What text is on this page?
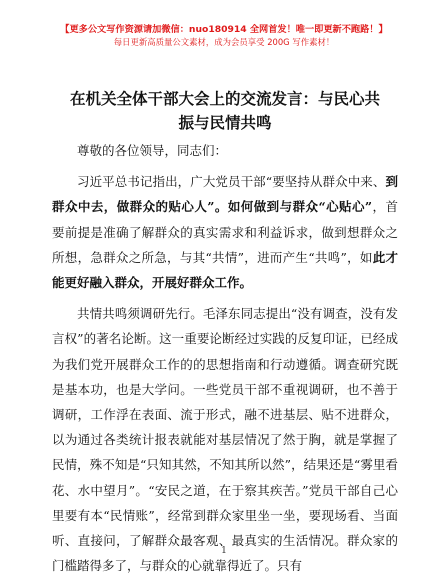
【更多公文写作资源请加微信：nuo180914 全网首发！唯一即更新不跑路！】
每日更新高质量公文素材，成为会员享受 200G 写作素材！
在机关全体干部大会上的交流发言：与民心共
振与民情共鸣

尊敬的各位领导，同志们：

习近平总书记指出，广大党员干部“要坚持从群众中来、到群众中去，做群众的贴心人”。如何做到与群众“心贴心”，首要前提是准确了解群众的真实需求和利益诉求，做到想群众之所想，急群众之所急，与其“共情”，进而产生“共鸣”，如此才能更好融入群众，开展好群众工作。

共情共鸣须调研先行。毛泽东同志提出“没有调查，没有发言权”的著名论断。这一重要论断经过实践的反复印证，已经成为我们党开展群众工作的的思想指南和行动遵循。调查研究既是基本功，也是大学问。一些党员干部不重视调研，也不善于调研，工作浮在表面、流于形式，融不进基层、贴不进群众，以为通过各类统计报表就能对基层情况了然于胸，就是掌握了民情，殊不知是“只知其然，不知其所以然”，结果还是“雾里看花、水中望月”。“安民之道，在于察其疾苦。”党员干部自己心里要有本“民情账”，经常到群众家里坐一坐，要现场看、当面听、直接问，了解群众最客观、最真实的生活情况。群众家的门槛踏得多了，与群众的心就靠得近了。只有

1
